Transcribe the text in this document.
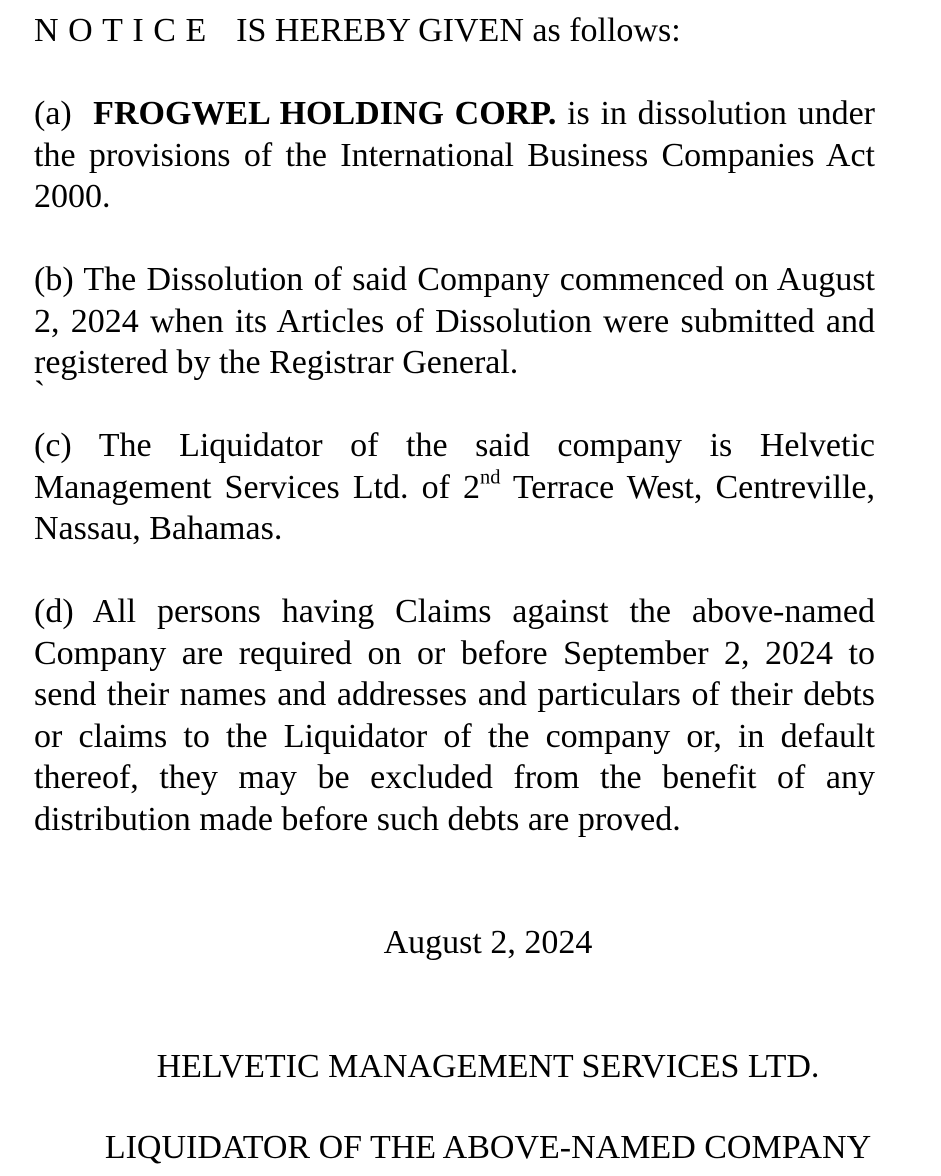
NOTICE IS HEREBY GIVEN as follows:

(a) FROGWEL HOLDING CORP. is in dissolution under the provisions of the International Business Companies Act 2000.

(b) The Dissolution of said Company commenced on August 2, 2024 when its Articles of Dissolution were submitted and registered by the Registrar General.

`

(c) The Liquidator of the said company is Helvetic Management Services Ltd. of 2nd Terrace West, Centreville, Nassau, Bahamas.

(d) All persons having Claims against the above-named Company are required on or before September 2, 2024 to send their names and addresses and particulars of their debts or claims to the Liquidator of the company or, in default thereof, they may be excluded from the benefit of any distribution made before such debts are proved.

August 2, 2024

HELVETIC MANAGEMENT SERVICES LTD.

LIQUIDATOR OF THE ABOVE-NAMED COMPANY
